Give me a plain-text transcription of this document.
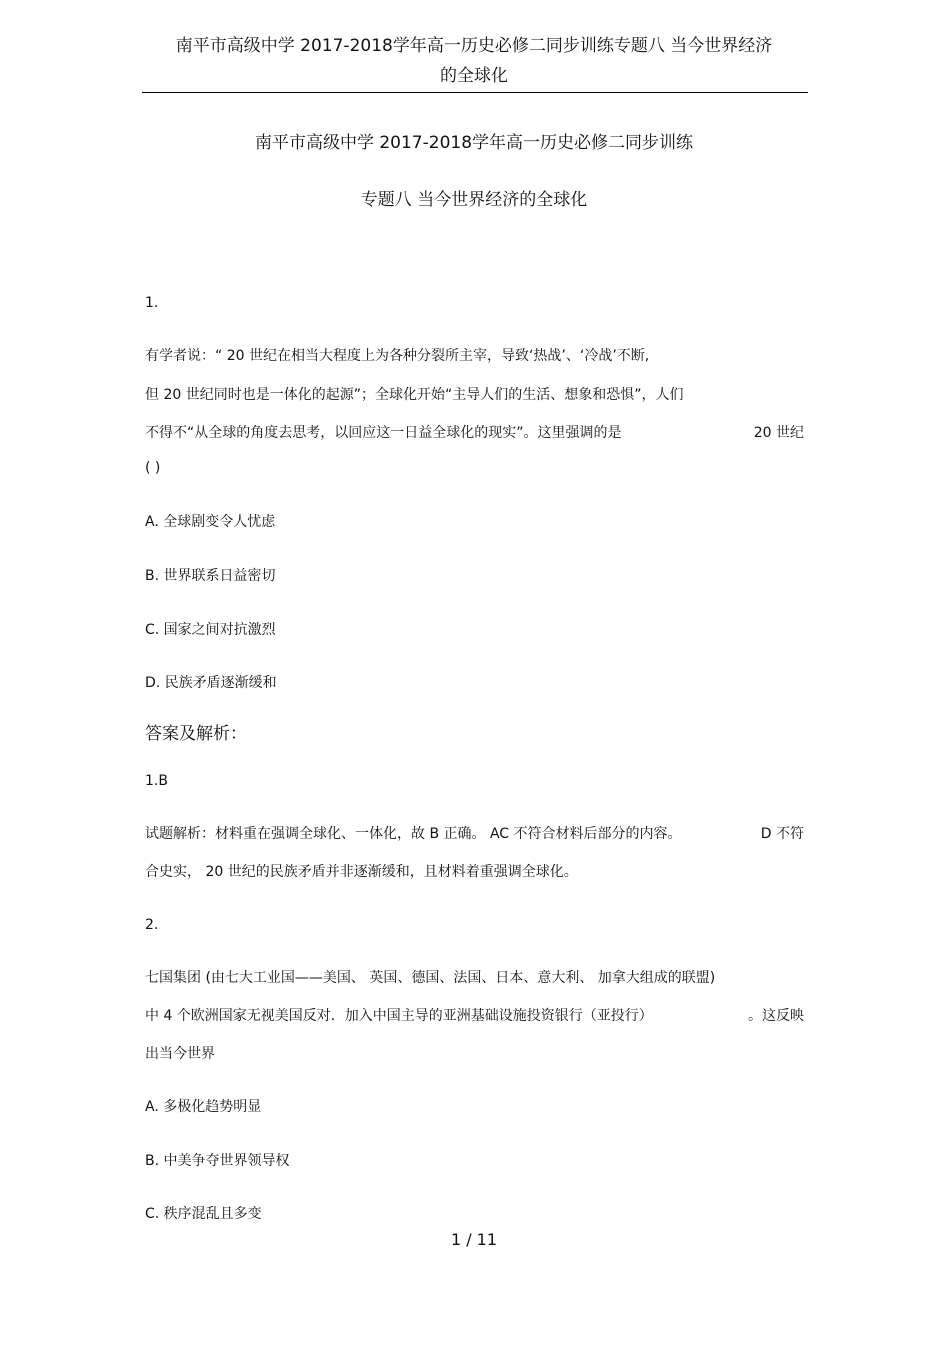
南平市高级中学 2017-2018学年高一历史必修二同步训练专题八 当今世界经济
的全球化
南平市高级中学 2017-2018学年高一历史必修二同步训练
专题八 当今世界经济的全球化
1.
有学者说：“ 20 世纪在相当大程度上为各种分裂所主宰，导致‘热战’、‘冷战’不断,
但 20 世纪同时也是一体化的起源”；全球化开始“主导人们的生活、想象和恐惧”，人们
不得不“从全球的角度去思考，以回应这一日益全球化的现实”。这里强调的是	20 世纪
( )
A. 全球剧变令人忧虑
B. 世界联系日益密切
C. 国家之间对抗激烈
D. 民族矛盾逐渐缓和
答案及解析：
1.B
试题解析：材料重在强调全球化、一体化，故 B 正确。 AC 不符合材料后部分的内容。	D 不符
合史实， 20 世纪的民族矛盾并非逐渐缓和，且材料着重强调全球化。
2.
七国集团 (由七大工业国——美国、 英国、德国、法国、日本、意大利、 加拿大组成的联盟)
中 4 个欧洲国家无视美国反对．加入中国主导的亚洲基础设施投资银行（亚投行）	。这反映
出当今世界
A. 多极化趋势明显
B. 中美争夺世界领导权
C. 秩序混乱且多变
1 / 11
